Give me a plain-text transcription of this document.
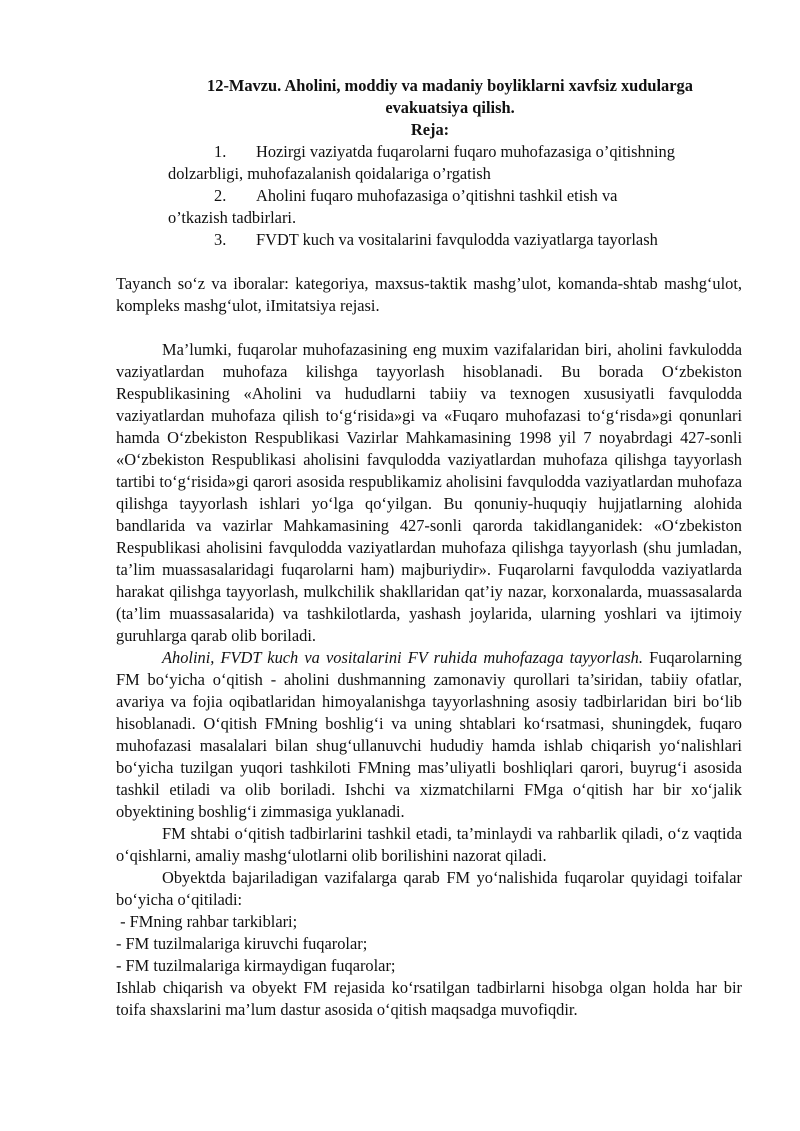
12-Mavzu. Aholini, moddiy va madaniy boyliklarni xavfsiz xudularga
evakuatsiya qilish.
Reja:
1. Hozirgi vaziyatda fuqarolarni fuqaro muhofazasiga o’qitishning
dolzarbligi, muhofazalanish qoidalariga o’rgatish
2. Aholini fuqaro muhofazasiga o’qitishni tashkil etish va
o’tkazish tadbirlari.
3. FVDT kuch va vositalarini favqulodda vaziyatlarga tayorlash

Tayanch so‘z va iboralar: kategoriya, maxsus-taktik mashg’ulot, komanda-shtab mashg‘ulot, kompleks mashg‘ulot, iImitatsiya rejasi.

Ma’lumki, fuqarolar muhofazasining eng muxim vazifalaridan biri, aholini favkulodda vaziyatlardan muhofaza kilishga tayyorlash hisoblanadi. Bu borada O‘zbekiston Respublikasining «Aholini va hududlarni tabiiy va texnogen xususiyatli favqulodda vaziyatlardan muhofaza qilish to‘g‘risida»gi va «Fuqaro muhofazasi to‘g‘risda»gi qonunlari hamda O‘zbekiston Respublikasi Vazirlar Mahkamasining 1998 yil 7 noyabrdagi 427-sonli «O‘zbekiston Respublikasi aholisini favqulodda vaziyatlardan muhofaza qilishga tayyorlash tartibi to‘g‘risida»gi qarori asosida respublikamiz aholisini favqulodda vaziyatlardan muhofaza qilishga tayyorlash ishlari yo‘lga qo‘yilgan. Bu qonuniy-huquqiy hujjatlarning alohida bandlarida va vazirlar Mahkamasining 427-sonli qarorda takidlanganidek: «O‘zbekiston Respublikasi aholisini favqulodda vaziyatlardan muhofaza qilishga tayyorlash (shu jumladan, ta’lim muassasalaridagi fuqarolarni ham) majburiydir». Fuqarolarni favqulodda vaziyatlarda harakat qilishga tayyorlash, mulkchilik shakllaridan qat’iy nazar, korxonalarda, muassasalarda (ta’lim muassasalarida) va tashkilotlarda, yashash joylarida, ularning yoshlari va ijtimoiy guruhlarga qarab olib boriladi.

Aholini, FVDT kuch va vositalarini FV ruhida muhofazaga tayyorlash. Fuqarolarning FM bo‘yicha o‘qitish - aholini dushmanning zamonaviy qurollari ta’siridan, tabiiy ofatlar, avariya va fojia oqibatlaridan himoyalanishga tayyorlashning asosiy tadbirlaridan biri bo‘lib hisoblanadi. O‘qitish FMning boshlig‘i va uning shtablari ko‘rsatmasi, shuningdek, fuqaro muhofazasi masalalari bilan shug‘ullanuvchi hududiy hamda ishlab chiqarish yo‘nalishlari bo‘yicha tuzilgan yuqori tashkiloti FMning mas’uliyatli boshliqlari qarori, buyrug‘i asosida tashkil etiladi va olib boriladi. Ishchi va xizmatchilarni FMga o‘qitish har bir xo‘jalik obyektining boshlig‘i zimmasiga yuklanadi.

FM shtabi o‘qitish tadbirlarini tashkil etadi, ta’minlaydi va rahbarlik qiladi, o‘z vaqtida o‘qishlarni, amaliy mashg‘ulotlarni olib borilishini nazorat qiladi.

Obyektda bajariladigan vazifalarga qarab FM yo‘nalishida fuqarolar quyidagi toifalar bo‘yicha o‘qitiladi:

- FMning rahbar tarkiblari;
- FM tuzilmalariga kiruvchi fuqarolar;
- FM tuzilmalariga kirmaydigan fuqarolar;

Ishlab chiqarish va obyekt FM rejasida ko‘rsatilgan tadbirlarni hisobga olgan holda har bir toifa shaxslarini ma’lum dastur asosida o‘qitish maqsadga muvofiqdir.
